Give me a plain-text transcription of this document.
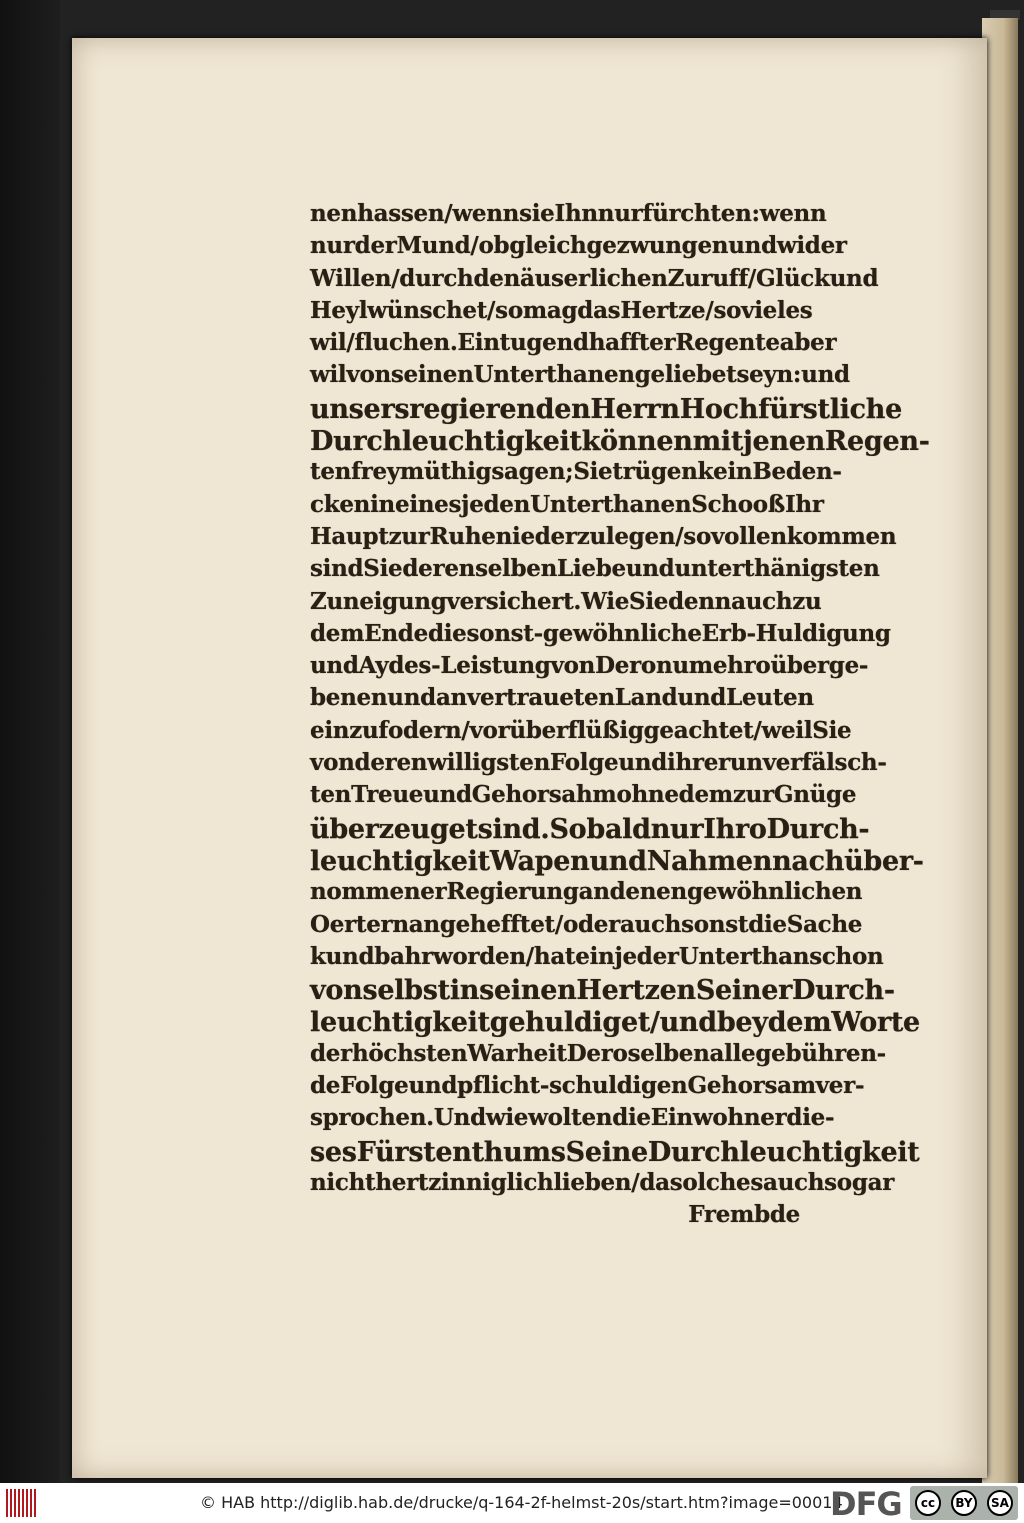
nen hassen/ wenn sie Ihn nur fürchten: wenn
nur der Mund/ obgleich gezwungen und wider
Willen/ durch den äuserlichen Zuruff/ Glück und
Heyl wünschet/ so mag das Hertze/ so viel es
wil/ fluchen. Ein tugendhaffter Regente aber
wil von seinen Unterthanen geliebet seyn: und
unsers regierenden Herrn Hochfürstliche
Durchleuchtigkeit können mit jenen Regen-
ten freymüthig sagen; Sie trügen kein Beden-
cken in eines jeden Unterthanen Schooß Ihr
Haupt zur Ruhe niederzulegen/ so vollenkommen
sind Sie derenselben Liebe und unterthänigsten
Zuneigung versichert. Wie Sie denn auch zu
dem Ende die sonst-gewöhnliche Erb-Huldigung
und Aydes-Leistung von Dero numehro überge-
benen und anvertraueten Land und Leuten
einzufodern/ vor überflüßig geachtet/ weil Sie
von deren willigsten Folge und ihrer unverfälsch-
ten Treue und Gehorsahm ohnedem zur Gnüge
überzeuget sind. So bald nur Ihro Durch-
leuchtigkeit Wapen und Nahmen nach über-
nommener Regierung an denen gewöhnlichen
Oertern angehefftet/ oder auch sonst die Sache
kundbahr worden/ hat ein jeder Unterthan schon
von selbst in seinen Hertzen Seiner Durch-
leuchtigkeit gehuldiget/ und bey dem Worte
der höchsten Warheit Deroselben alle gebühren-
de Folge und pflicht-schuldigen Gehorsam ver-
sprochen. Und wie wolten die Einwohner die-
ses Fürstenthums Seine Durchleuchtigkeit
nicht hertzinniglich lieben/ da solches auch so gar
Frembde
© HAB http://diglib.hab.de/drucke/q-164-2f-helmst-20s/start.htm?image=00014
DFG	cc	BY	SA
